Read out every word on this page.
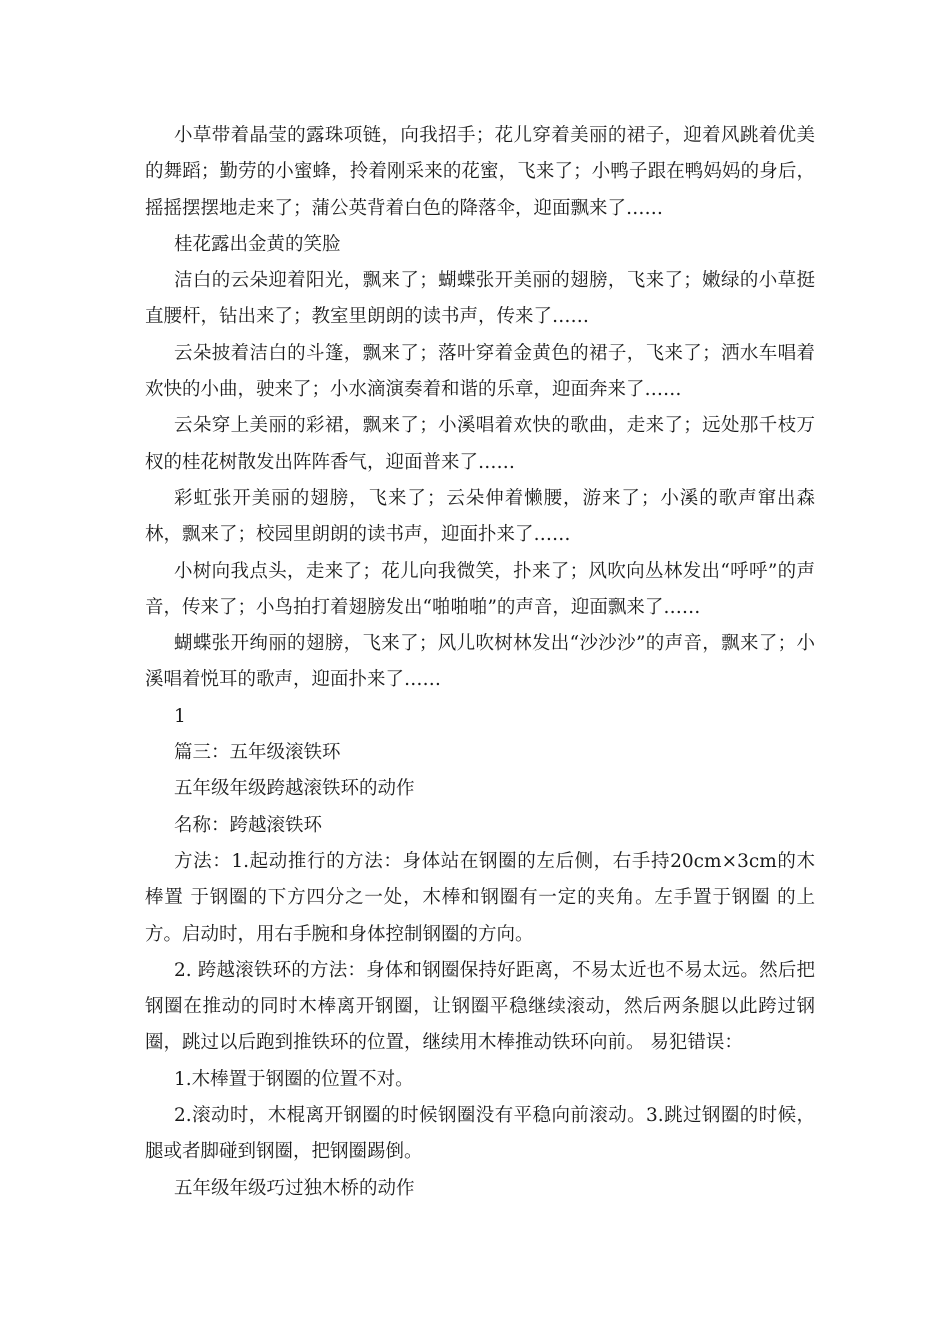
小草带着晶莹的露珠项链，向我招手；花儿穿着美丽的裙子，迎着风跳着优美的舞蹈；勤劳的小蜜蜂，拎着刚采来的花蜜，飞来了；小鸭子跟在鸭妈妈的身后，摇摇摆摆地走来了；蒲公英背着白色的降落伞，迎面飘来了……

桂花露出金黄的笑脸

洁白的云朵迎着阳光，飘来了；蝴蝶张开美丽的翅膀，飞来了；嫩绿的小草挺直腰杆，钻出来了；教室里朗朗的读书声，传来了……

云朵披着洁白的斗篷，飘来了；落叶穿着金黄色的裙子，飞来了；洒水车唱着欢快的小曲，驶来了；小水滴演奏着和谐的乐章，迎面奔来了……

云朵穿上美丽的彩裙，飘来了；小溪唱着欢快的歌曲，走来了；远处那千枝万杈的桂花树散发出阵阵香气，迎面普来了……

彩虹张开美丽的翅膀，飞来了；云朵伸着懒腰，游来了；小溪的歌声窜出森林，飘来了；校园里朗朗的读书声，迎面扑来了……

小树向我点头，走来了；花儿向我微笑，扑来了；风吹向丛林发出“呼呼”的声音，传来了；小鸟拍打着翅膀发出“啪啪啪”的声音，迎面飘来了……

蝴蝶张开绚丽的翅膀，飞来了；风儿吹树林发出“沙沙沙”的声音，飘来了；小溪唱着悦耳的歌声，迎面扑来了……

1

篇三：五年级滚铁环

五年级年级跨越滚铁环的动作

名称：跨越滚铁环

方法：1.起动推行的方法：身体站在钢圈的左后侧，右手持20cm×3cm的木棒置 于钢圈的下方四分之一处，木棒和钢圈有一定的夹角。左手置于钢圈 的上方。启动时，用右手腕和身体控制钢圈的方向。

2. 跨越滚铁环的方法：身体和钢圈保持好距离，不易太近也不易太远。然后把钢圈在推动的同时木棒离开钢圈，让钢圈平稳继续滚动，然后两条腿以此跨过钢圈，跳过以后跑到推铁环的位置，继续用木棒推动铁环向前。 易犯错误：

1.木棒置于钢圈的位置不对。

2.滚动时，木棍离开钢圈的时候钢圈没有平稳向前滚动。3.跳过钢圈的时候，腿或者脚碰到钢圈，把钢圈踢倒。

五年级年级巧过独木桥的动作
